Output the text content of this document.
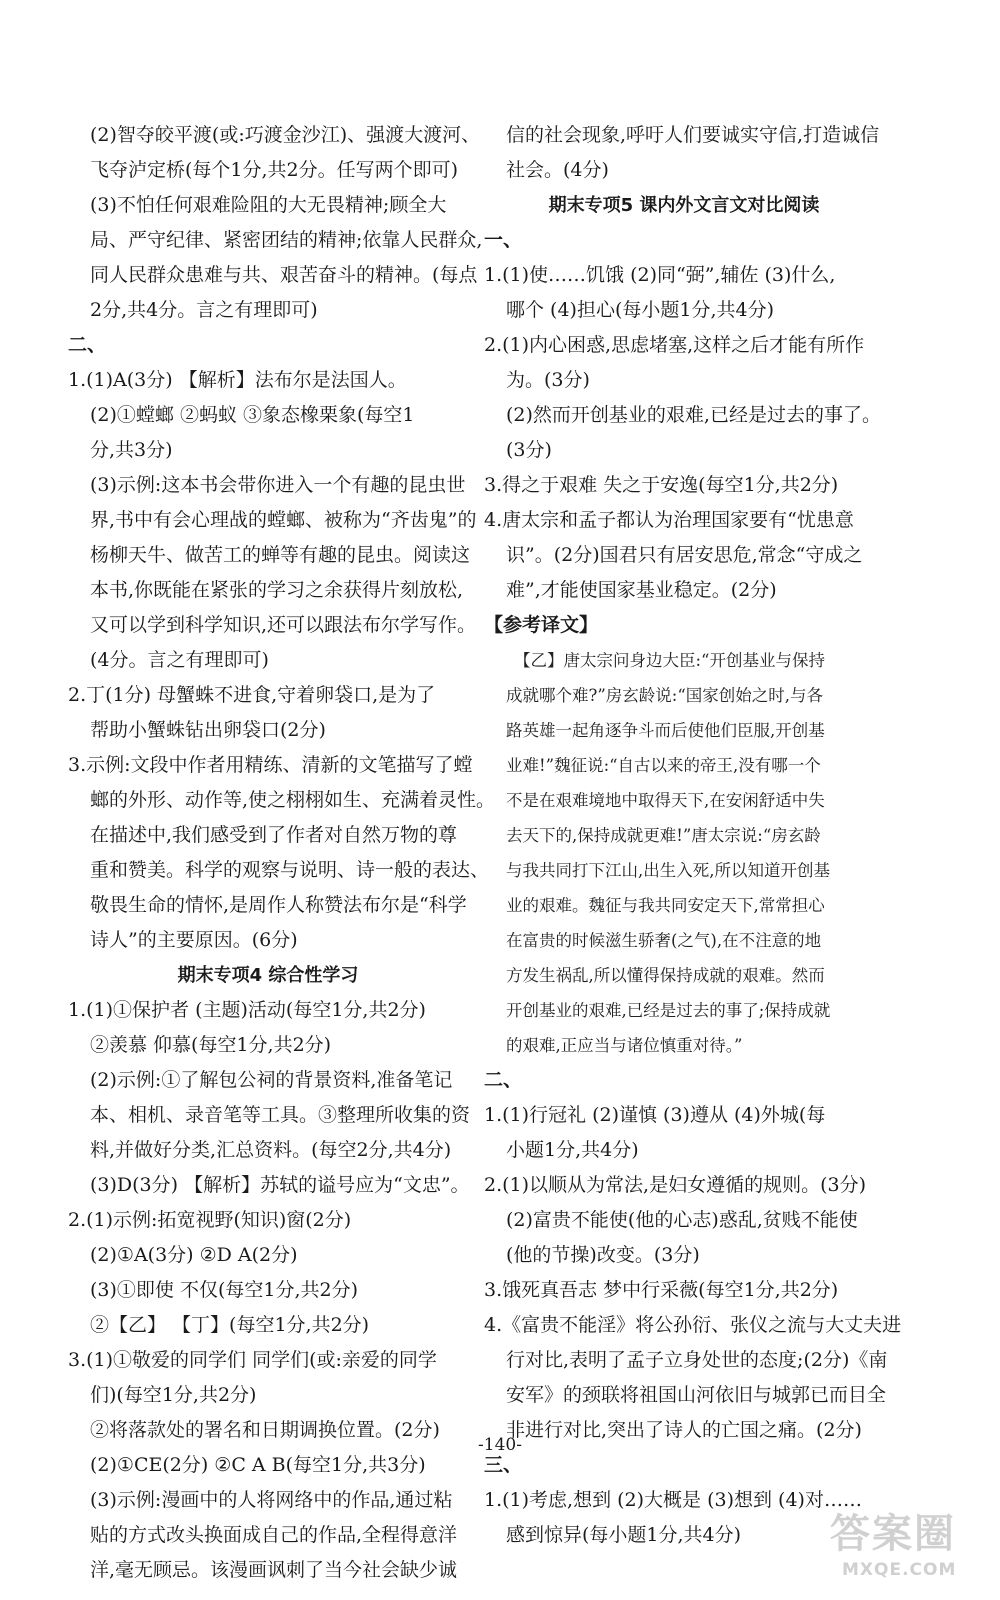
(2)智夺皎平渡(或:巧渡金沙江)、强渡大渡河、
飞夺泸定桥(每个1分,共2分。任写两个即可)
(3)不怕任何艰难险阻的大无畏精神;顾全大
局、严守纪律、紧密团结的精神;依靠人民群众,
同人民群众患难与共、艰苦奋斗的精神。(每点
2分,共4分。言之有理即可)
二、
1.(1)A(3分) 【解析】法布尔是法国人。
(2)①螳螂 ②蚂蚁 ③象态橡栗象(每空1
分,共3分)
(3)示例:这本书会带你进入一个有趣的昆虫世
界,书中有会心理战的螳螂、被称为“齐齿鬼”的
杨柳天牛、做苦工的蝉等有趣的昆虫。阅读这
本书,你既能在紧张的学习之余获得片刻放松,
又可以学到科学知识,还可以跟法布尔学写作。
(4分。言之有理即可)
2.丁(1分) 母蟹蛛不进食,守着卵袋口,是为了
帮助小蟹蛛钻出卵袋口(2分)
3.示例:文段中作者用精练、清新的文笔描写了螳
螂的外形、动作等,使之栩栩如生、充满着灵性。
在描述中,我们感受到了作者对自然万物的尊
重和赞美。科学的观察与说明、诗一般的表达、
敬畏生命的情怀,是周作人称赞法布尔是“科学
诗人”的主要原因。(6分)
期末专项4 综合性学习
1.(1)①保护者 (主题)活动(每空1分,共2分)
②羡慕 仰慕(每空1分,共2分)
(2)示例:①了解包公祠的背景资料,准备笔记
本、相机、录音笔等工具。③整理所收集的资
料,并做好分类,汇总资料。(每空2分,共4分)
(3)D(3分) 【解析】苏轼的谥号应为“文忠”。
2.(1)示例:拓宽视野(知识)窗(2分)
(2)①A(3分) ②D A(2分)
(3)①即使 不仅(每空1分,共2分)
②【乙】 【丁】(每空1分,共2分)
3.(1)①敬爱的同学们 同学们(或:亲爱的同学
们)(每空1分,共2分)
②将落款处的署名和日期调换位置。(2分)
(2)①CE(2分) ②C A B(每空1分,共3分)
(3)示例:漫画中的人将网络中的作品,通过粘
贴的方式改头换面成自己的作品,全程得意洋
洋,毫无顾忌。该漫画讽刺了当今社会缺少诚
信的社会现象,呼吁人们要诚实守信,打造诚信
社会。(4分)
期末专项5 课内外文言文对比阅读
一、
1.(1)使……饥饿 (2)同“弼”,辅佐 (3)什么,
哪个 (4)担心(每小题1分,共4分)
2.(1)内心困惑,思虑堵塞,这样之后才能有所作
为。(3分)
(2)然而开创基业的艰难,已经是过去的事了。
(3分)
3.得之于艰难 失之于安逸(每空1分,共2分)
4.唐太宗和孟子都认为治理国家要有“忧患意
识”。(2分)国君只有居安思危,常念“守成之
难”,才能使国家基业稳定。(2分)
【参考译文】
【乙】唐太宗问身边大臣:“开创基业与保持
成就哪个难?”房玄龄说:“国家创始之时,与各
路英雄一起角逐争斗而后使他们臣服,开创基
业难!”魏征说:“自古以来的帝王,没有哪一个
不是在艰难境地中取得天下,在安闲舒适中失
去天下的,保持成就更难!”唐太宗说:“房玄龄
与我共同打下江山,出生入死,所以知道开创基
业的艰难。魏征与我共同安定天下,常常担心
在富贵的时候滋生骄奢(之气),在不注意的地
方发生祸乱,所以懂得保持成就的艰难。然而
开创基业的艰难,已经是过去的事了;保持成就
的艰难,正应当与诸位慎重对待。”
二、
1.(1)行冠礼 (2)谨慎 (3)遵从 (4)外城(每
小题1分,共4分)
2.(1)以顺从为常法,是妇女遵循的规则。(3分)
(2)富贵不能使(他的心志)惑乱,贫贱不能使
(他的节操)改变。(3分)
3.饿死真吾志 梦中行采薇(每空1分,共2分)
4.《富贵不能淫》将公孙衍、张仪之流与大丈夫进
行对比,表明了孟子立身处世的态度;(2分)《南
安军》的颈联将祖国山河依旧与城郭已而目全
非进行对比,突出了诗人的亡国之痛。(2分)
三、
1.(1)考虑,想到 (2)大概是 (3)想到 (4)对……
感到惊异(每小题1分,共4分)
-140-
答案圈
MXQE.COM
